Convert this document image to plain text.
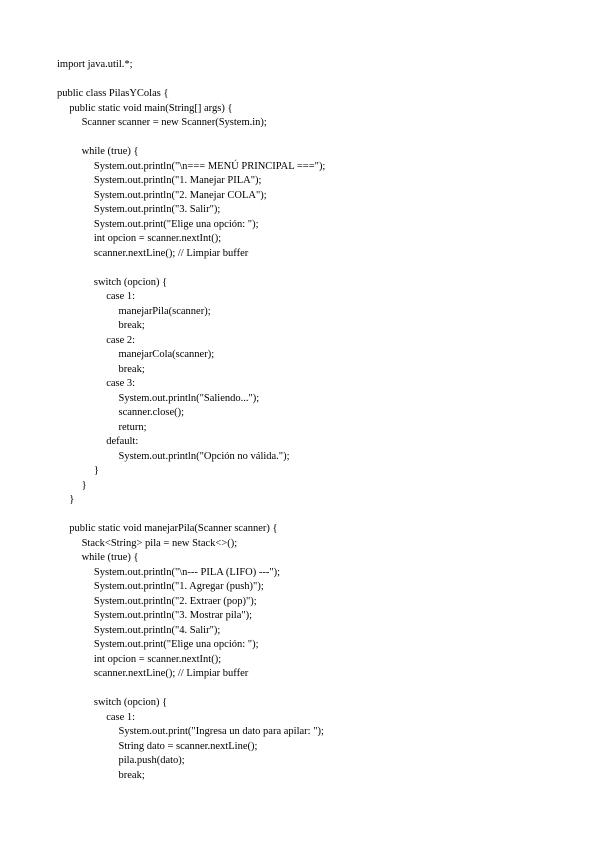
import java.util.*;
public class PilasYColas {
public static void main(String[] args) {
Scanner scanner = new Scanner(System.in);
while (true) {
System.out.println("\n=== MENÚ PRINCIPAL ===");
System.out.println("1. Manejar PILA");
System.out.println("2. Manejar COLA");
System.out.println("3. Salir");
System.out.print("Elige una opción: ");
int opcion = scanner.nextInt();
scanner.nextLine(); // Limpiar buffer
switch (opcion) {
case 1:
manejarPila(scanner);
break;
case 2:
manejarCola(scanner);
break;
case 3:
System.out.println("Saliendo...");
scanner.close();
return;
default:
System.out.println("Opción no válida.");
}
}
}
public static void manejarPila(Scanner scanner) {
Stack<String> pila = new Stack<>();
while (true) {
System.out.println("\n--- PILA (LIFO) ---");
System.out.println("1. Agregar (push)");
System.out.println("2. Extraer (pop)");
System.out.println("3. Mostrar pila");
System.out.println("4. Salir");
System.out.print("Elige una opción: ");
int opcion = scanner.nextInt();
scanner.nextLine(); // Limpiar buffer
switch (opcion) {
case 1:
System.out.print("Ingresa un dato para apilar: ");
String dato = scanner.nextLine();
pila.push(dato);
break;
